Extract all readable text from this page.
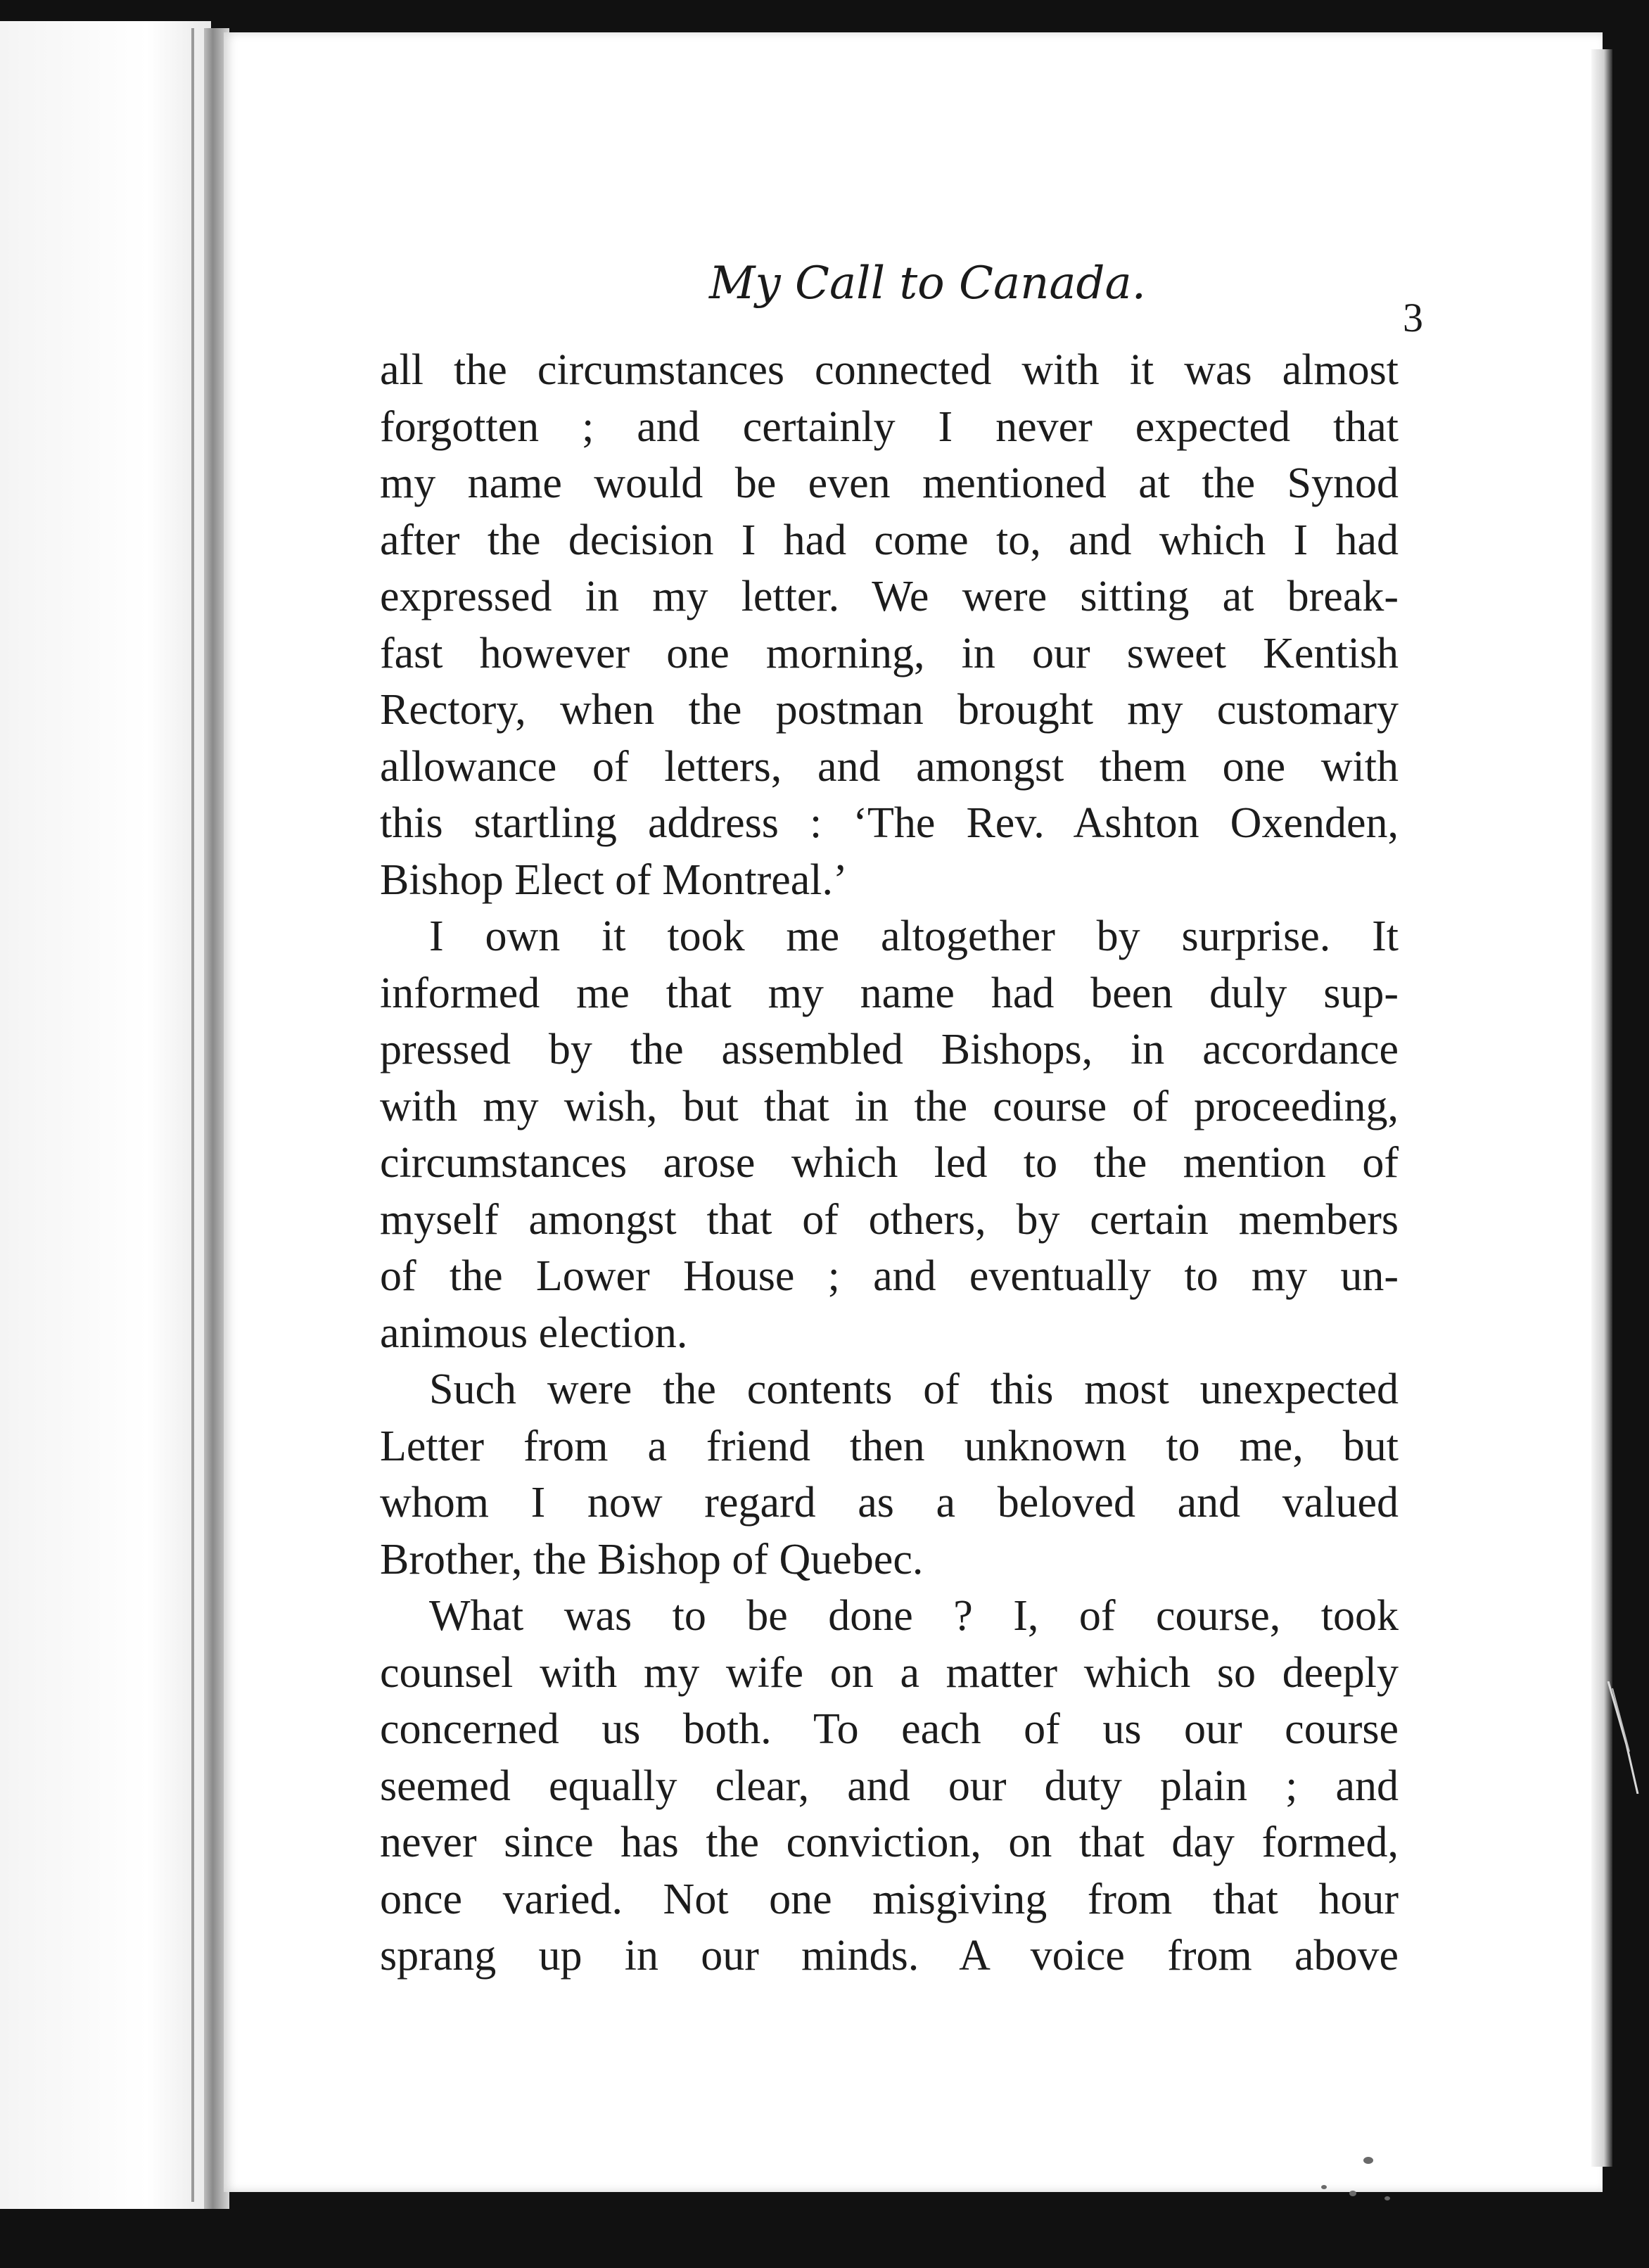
My Call to Canada.
3
all the circumstances connected with it was almost
forgotten ; and certainly I never expected that
my name would be even mentioned at the Synod
after the decision I had come to, and which I had
expressed in my letter. We were sitting at break-
fast however one morning, in our sweet Kentish
Rectory, when the postman brought my customary
allowance of letters, and amongst them one with
this startling address : ‘The Rev. Ashton Oxenden,
Bishop Elect of Montreal.’
I own it took me altogether by surprise. It
informed me that my name had been duly sup-
pressed by the assembled Bishops, in accordance
with my wish, but that in the course of proceeding,
circumstances arose which led to the mention of
myself amongst that of others, by certain members
of the Lower House ; and eventually to my un-
animous election.
Such were the contents of this most unexpected
Letter from a friend then unknown to me, but
whom I now regard as a beloved and valued
Brother, the Bishop of Quebec.
What was to be done ? I, of course, took
counsel with my wife on a matter which so deeply
concerned us both. To each of us our course
seemed equally clear, and our duty plain ; and
never since has the conviction, on that day formed,
once varied. Not one misgiving from that hour
sprang up in our minds. A voice from above
